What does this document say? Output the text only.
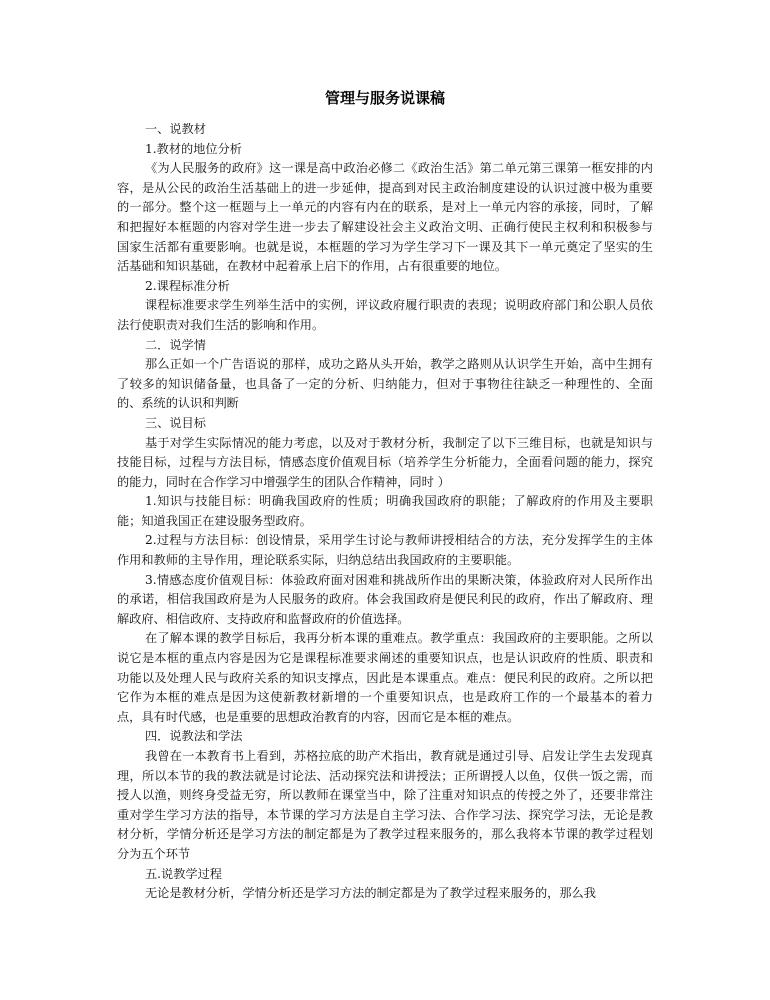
管理与服务说课稿
一、说教材
1.教材的地位分析
《为人民服务的政府》这一课是高中政治必修二《政治生活》第二单元第三课第一框安排的内容，是从公民的政治生活基础上的进一步延伸，提高到对民主政治制度建设的认识过渡中极为重要的一部分。整个这一框题与上一单元的内容有内在的联系，是对上一单元内容的承接，同时，了解和把握好本框题的内容对学生进一步去了解建设社会主义政治文明、正确行使民主权利和积极参与国家生活都有重要影响。也就是说，本框题的学习为学生学习下一课及其下一单元奠定了坚实的生活基础和知识基础，在教材中起着承上启下的作用，占有很重要的地位。
2.课程标准分析
课程标准要求学生列举生活中的实例，评议政府履行职责的表现；说明政府部门和公职人员依法行使职责对我们生活的影响和作用。
二．说学情
那么正如一个广告语说的那样，成功之路从头开始，教学之路则从认识学生开始，高中生拥有了较多的知识储备量，也具备了一定的分析、归纳能力，但对于事物往往缺乏一种理性的、全面的、系统的认识和判断
三、说目标
基于对学生实际情况的能力考虑，以及对于教材分析，我制定了以下三维目标，也就是知识与技能目标，过程与方法目标，情感态度价值观目标（培养学生分析能力，全面看问题的能力，探究的能力，同时在合作学习中增强学生的团队合作精神，同时 ）
1.知识与技能目标：明确我国政府的性质；明确我国政府的职能；了解政府的作用及主要职能；知道我国正在建设服务型政府。
2.过程与方法目标：创设情景，采用学生讨论与教师讲授相结合的方法，充分发挥学生的主体作用和教师的主导作用，理论联系实际，归纳总结出我国政府的主要职能。
3.情感态度价值观目标：体验政府面对困难和挑战所作出的果断决策，体验政府对人民所作出的承诺，相信我国政府是为人民服务的政府。体会我国政府是便民利民的政府，作出了解政府、理解政府、相信政府、支持政府和监督政府的价值选择。
在了解本课的教学目标后，我再分析本课的重难点。教学重点：我国政府的主要职能。之所以说它是本框的重点内容是因为它是课程标准要求阐述的重要知识点，也是认识政府的性质、职责和功能以及处理人民与政府关系的知识支撑点，因此是本课重点。难点：便民利民的政府。之所以把它作为本框的难点是因为这使新教材新增的一个重要知识点，也是政府工作的一个最基本的着力点，具有时代感，也是重要的思想政治教育的内容，因而它是本框的难点。
四．说教法和学法
我曾在一本教育书上看到，苏格拉底的助产术指出，教育就是通过引导、启发让学生去发现真理，所以本节的我的教法就是讨论法、活动探究法和讲授法；正所谓授人以鱼，仅供一饭之需，而授人以渔，则终身受益无穷，所以教师在课堂当中，除了注重对知识点的传授之外了，还要非常注重对学生学习方法的指导，本节课的学习方法是自主学习法、合作学习法、探究学习法，无论是教材分析，学情分析还是学习方法的制定都是为了教学过程来服务的，那么我将本节课的教学过程划分为五个环节
五.说教学过程
无论是教材分析，学情分析还是学习方法的制定都是为了教学过程来服务的，那么我
